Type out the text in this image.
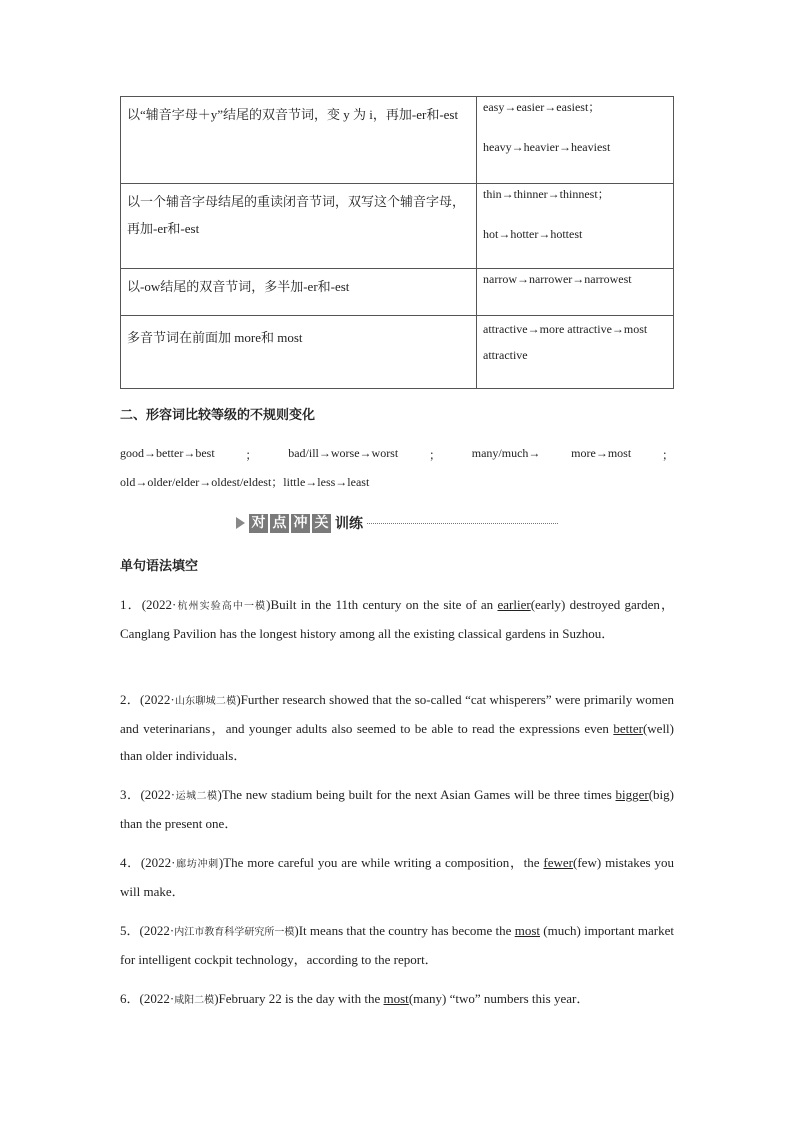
以“辅音字母＋y”结尾的双音节词，变 y 为 i，再加-er和-est	easy→easier→easiest；
heavy→heavier→heaviest

以一个辅音字母结尾的重读闭音节词，双写这个辅音字母，再加-er和-est	thin→thinner→thinnest；
hot→hotter→hottest

以-ow结尾的双音节词，多半加-er和-est	narrow→narrower→narrowest

多音节词在前面加 more和 most	attractive→more attractive→most attractive
二、形容词比较等级的不规则变化
good→better→best	；	bad/ill→worse→worst	；	many/much→	more→most	；
old→older/elder→oldest/eldest；little→less→least
对 点 冲 关 训练
单句语法填空
1．(2022·杭州实验高中一模)Built in the 11th century on the site of an earlier(early) destroyed garden，Canglang Pavilion has the longest history among all the existing classical gardens in Suzhou．
2．(2022·山东聊城二模)Further research showed that the so-called “cat whisperers” were primarily women and veterinarians，and younger adults also seemed to be able to read the expressions even better(well) than older individuals．
3．(2022·运城二模)The new stadium being built for the next Asian Games will be three times bigger(big) than the present one．
4．(2022·廊坊冲刺)The more careful you are while writing a composition，the fewer(few) mistakes you will make．
5．(2022·内江市教育科学研究所一模)It means that the country has become the most (much) important market for intelligent cockpit technology，according to the report．
6．(2022·咸阳二模)February 22 is the day with the most(many) “two” numbers this year．
